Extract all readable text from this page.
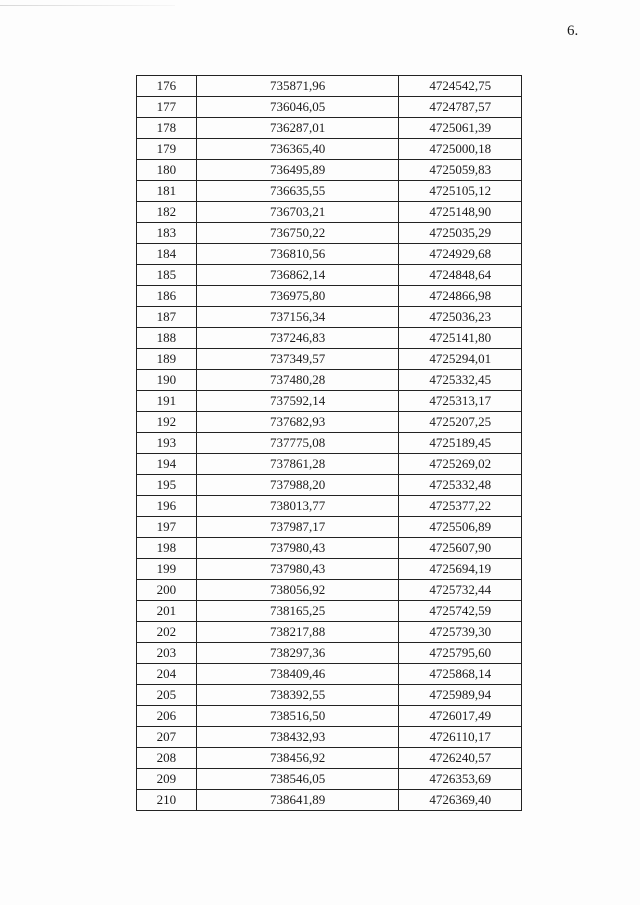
6.
176	735871,96	4724542,75
177	736046,05	4724787,57
178	736287,01	4725061,39
179	736365,40	4725000,18
180	736495,89	4725059,83
181	736635,55	4725105,12
182	736703,21	4725148,90
183	736750,22	4725035,29
184	736810,56	4724929,68
185	736862,14	4724848,64
186	736975,80	4724866,98
187	737156,34	4725036,23
188	737246,83	4725141,80
189	737349,57	4725294,01
190	737480,28	4725332,45
191	737592,14	4725313,17
192	737682,93	4725207,25
193	737775,08	4725189,45
194	737861,28	4725269,02
195	737988,20	4725332,48
196	738013,77	4725377,22
197	737987,17	4725506,89
198	737980,43	4725607,90
199	737980,43	4725694,19
200	738056,92	4725732,44
201	738165,25	4725742,59
202	738217,88	4725739,30
203	738297,36	4725795,60
204	738409,46	4725868,14
205	738392,55	4725989,94
206	738516,50	4726017,49
207	738432,93	4726110,17
208	738456,92	4726240,57
209	738546,05	4726353,69
210	738641,89	4726369,40
